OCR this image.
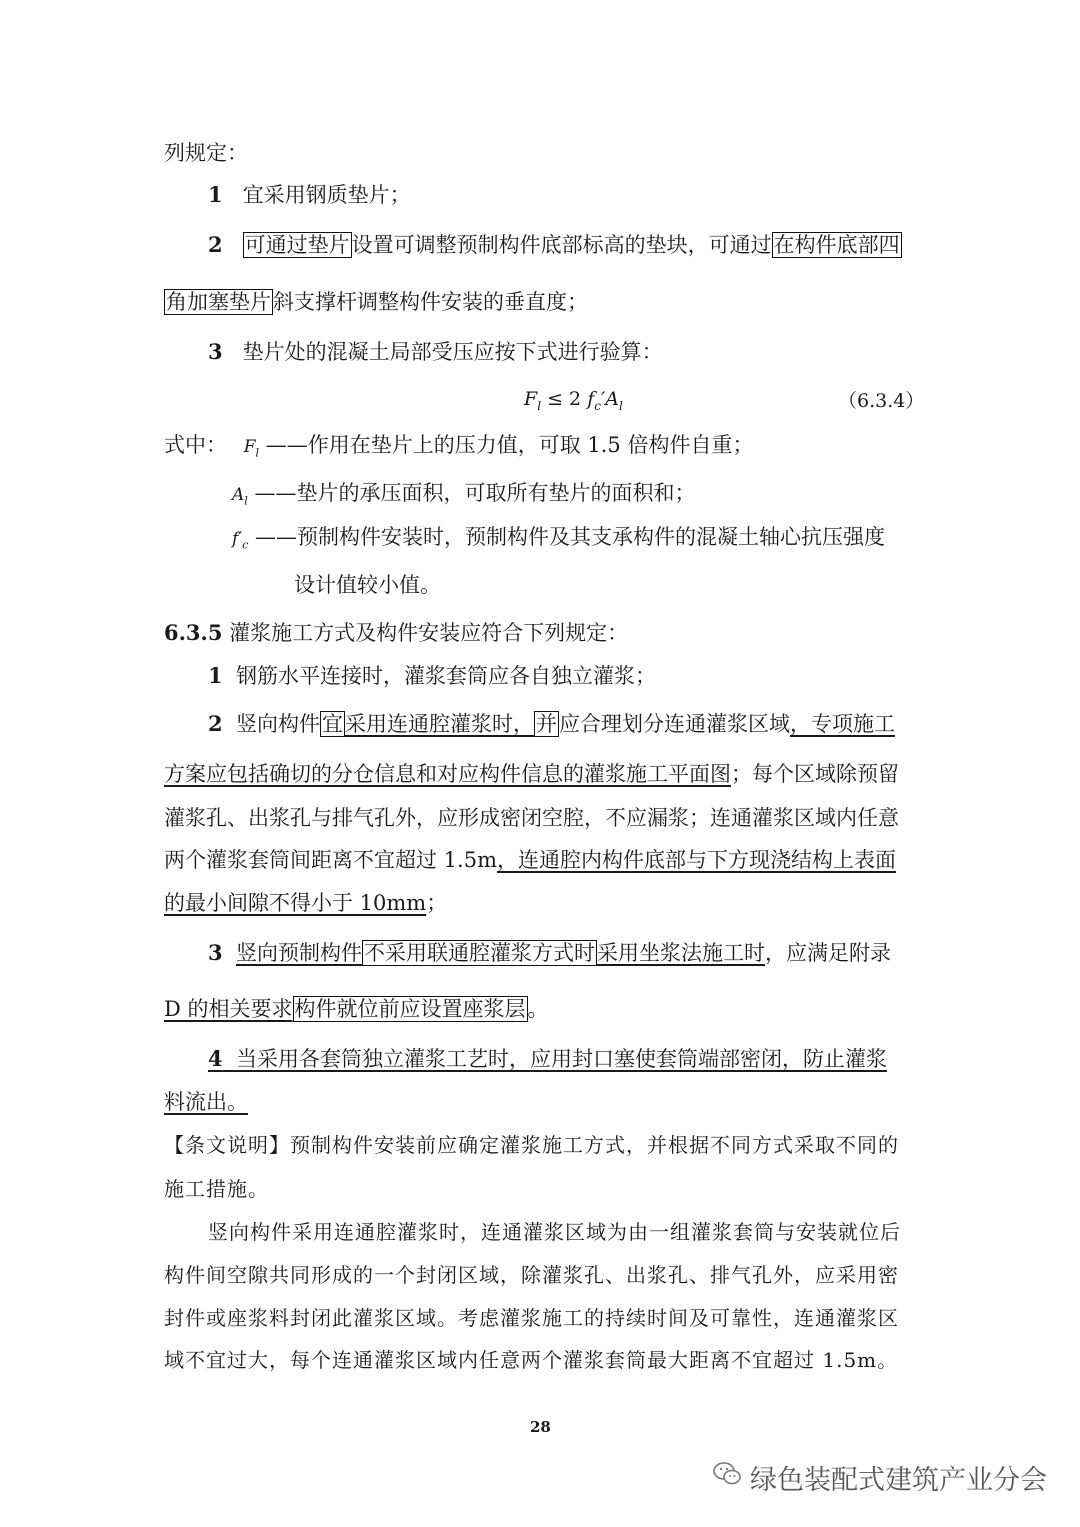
列规定：
1 宜采用钢质垫片；
2 可通过垫片设置可调整预制构件底部标高的垫块，可通过在构件底部四
角加塞垫片斜支撑杆调整构件安装的垂直度；
3 垫片处的混凝土局部受压应按下式进行验算：
$F_l \le 2$ $f_c'A_l$	（6.3.4）
式中： $F_l$ ——作用在垫片上的压力值，可取 1.5 倍构件自重；
$A_l$ ——垫片的承压面积，可取所有垫片的面积和；
$f'_c$ ——预制构件安装时，预制构件及其支承构件的混凝土轴心抗压强度
设计值较小值。
6.3.5 灌浆施工方式及构件安装应符合下列规定：
1 钢筋水平连接时，灌浆套筒应各自独立灌浆；
2 竖向构件宜采用连通腔灌浆时，并应合理划分连通灌浆区域，专项施工
方案应包括确切的分仓信息和对应构件信息的灌浆施工平面图；每个区域除预留
灌浆孔、出浆孔与排气孔外，应形成密闭空腔，不应漏浆；连通灌浆区域内任意
两个灌浆套筒间距离不宜超过 1.5m，连通腔内构件底部与下方现浇结构上表面
的最小间隙不得小于 10mm；
3 竖向预制构件不采用联通腔灌浆方式时采用坐浆法施工时，应满足附录
D 的相关要求构件就位前应设置座浆层。
4 当采用各套筒独立灌浆工艺时，应用封口塞使套筒端部密闭，防止灌浆
料流出。
【条文说明】预制构件安装前应确定灌浆施工方式，并根据不同方式采取不同的
施工措施。
竖向构件采用连通腔灌浆时，连通灌浆区域为由一组灌浆套筒与安装就位后
构件间空隙共同形成的一个封闭区域，除灌浆孔、出浆孔、排气孔外，应采用密
封件或座浆料封闭此灌浆区域。考虑灌浆施工的持续时间及可靠性，连通灌浆区
域不宜过大，每个连通灌浆区域内任意两个灌浆套筒最大距离不宜超过 1.5m。
28
绿色装配式建筑产业分会
